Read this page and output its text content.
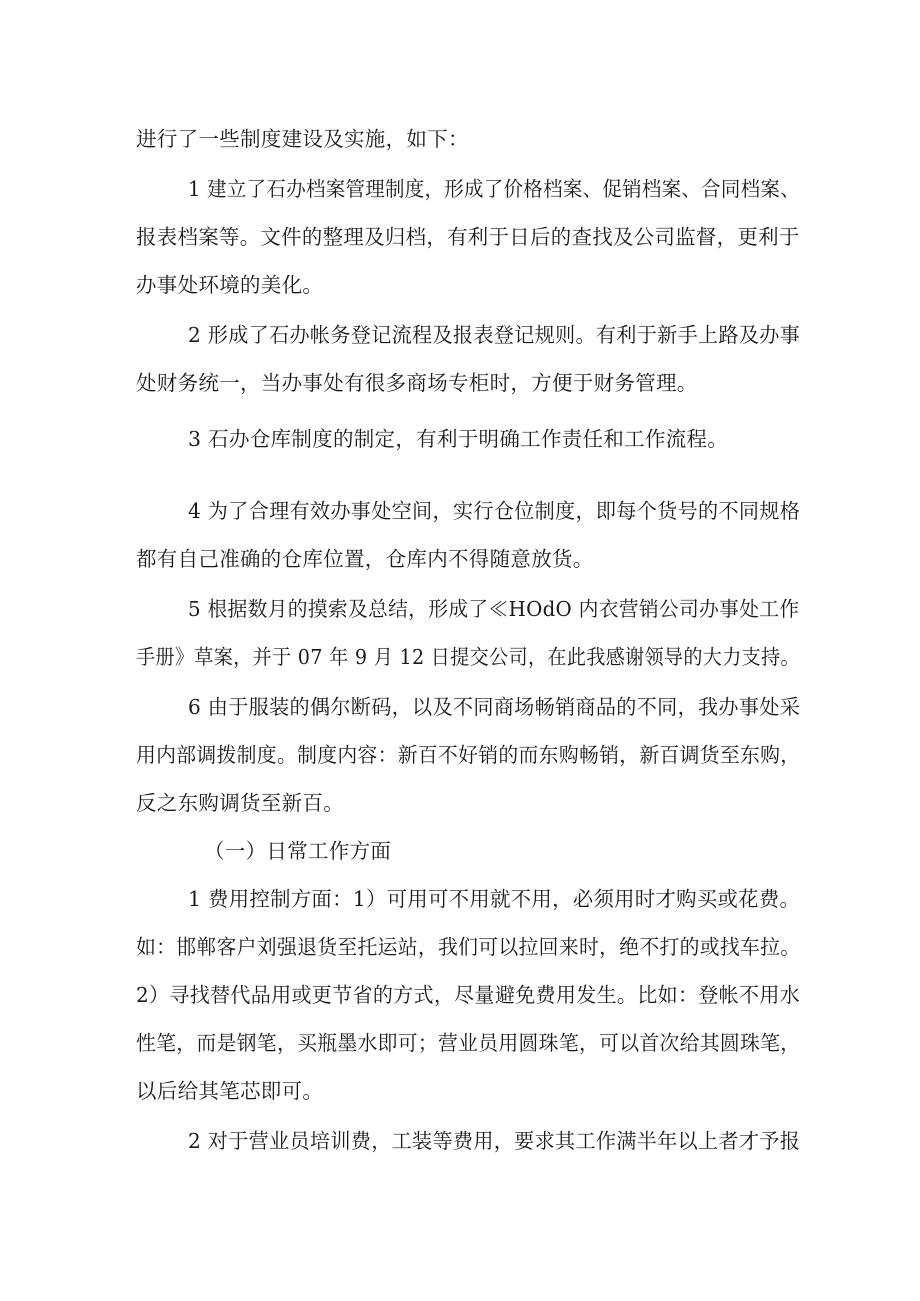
进行了一些制度建设及实施，如下：
1 建立了石办档案管理制度，形成了价格档案、促销档案、合同档案、
报表档案等。文件的整理及归档，有利于日后的查找及公司监督，更利于
办事处环境的美化。
2 形成了石办帐务登记流程及报表登记规则。有利于新手上路及办事
处财务统一，当办事处有很多商场专柜时，方便于财务管理。
3 石办仓库制度的制定，有利于明确工作责任和工作流程。
4 为了合理有效办事处空间，实行仓位制度，即每个货号的不同规格
都有自己准确的仓库位置，仓库内不得随意放货。
5 根据数月的摸索及总结，形成了≪HOdO 内衣营销公司办事处工作
手册》草案，并于 07 年 9 月 12 日提交公司，在此我感谢领导的大力支持。
6 由于服装的偶尔断码，以及不同商场畅销商品的不同，我办事处采
用内部调拨制度。制度内容：新百不好销的而东购畅销，新百调货至东购，
反之东购调货至新百。
（一）日常工作方面
1 费用控制方面：1）可用可不用就不用，必须用时才购买或花费。
如：邯郸客户刘强退货至托运站，我们可以拉回来时，绝不打的或找车拉。
2）寻找替代品用或更节省的方式，尽量避免费用发生。比如：登帐不用水
性笔，而是钢笔，买瓶墨水即可；营业员用圆珠笔，可以首次给其圆珠笔，
以后给其笔芯即可。
2 对于营业员培训费，工装等费用，要求其工作满半年以上者才予报
